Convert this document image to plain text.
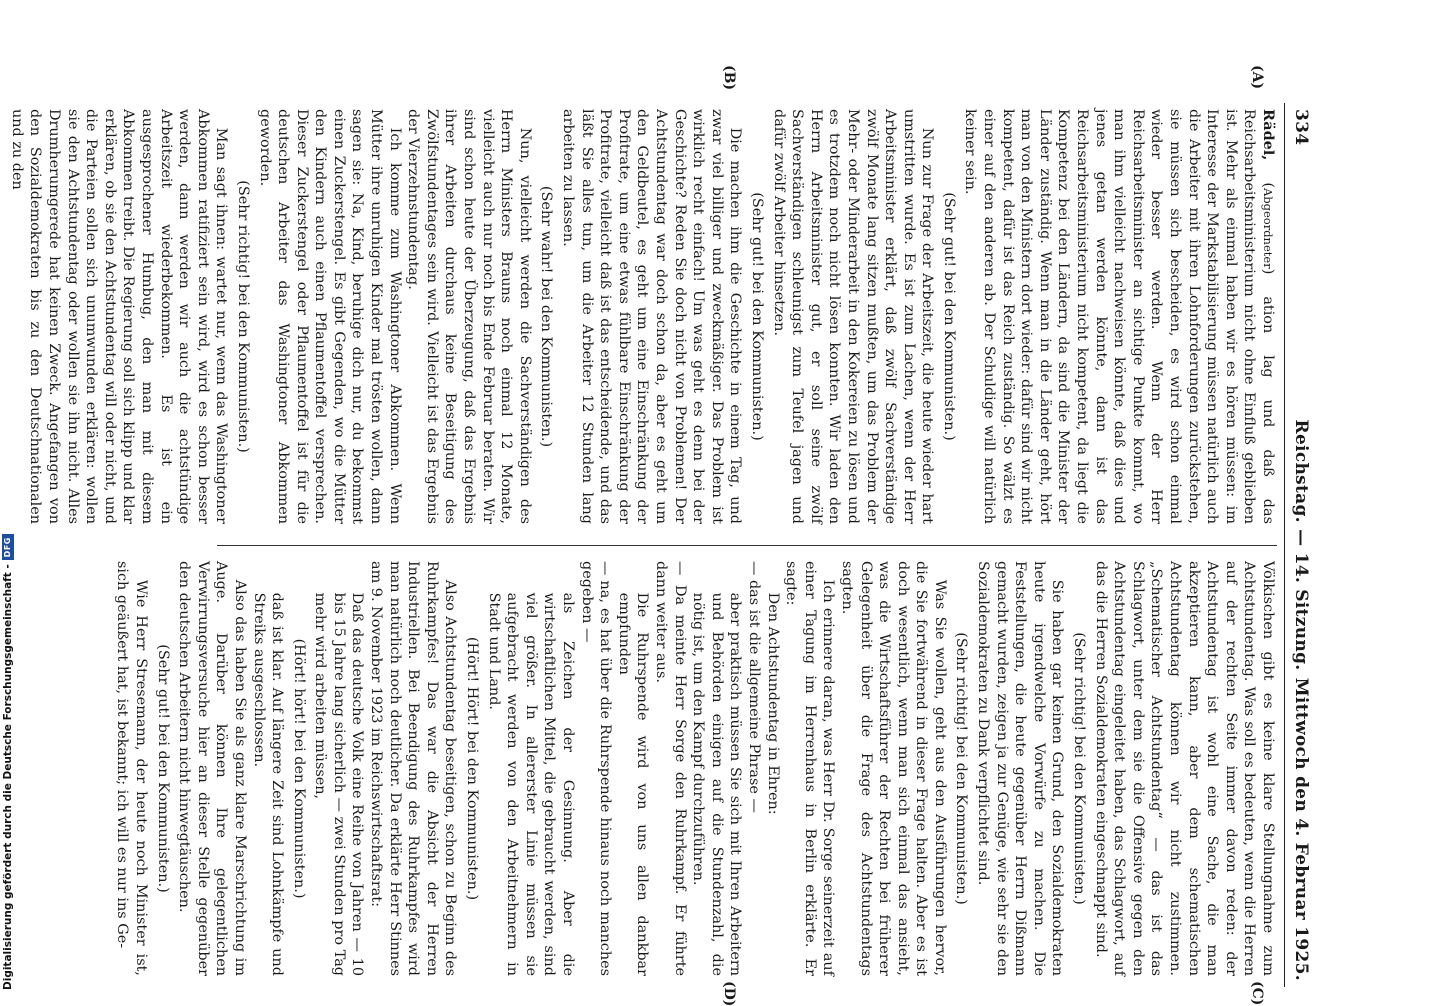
334
Reichstag. — 14. Sitzung.
Mittwoch den 4. Februar 1925.
(A)
(B)
(C)
(D)

Rädel, (Abgeordneter) ation lag und daß das Reichsarbeitsministerium nicht ohne Einfluß geblieben ist. Mehr als einmal haben wir es hören müssen: im Interesse der Markstabilisierung müssen natürlich auch die Arbeiter mit ihren Lohnforderungen zurückstehen, sie müssen sich bescheiden, es wird schon einmal wieder besser werden. Wenn der Herr Reichsarbeitsminister an sichtige Punkte kommt, wo man ihm vielleicht nachweisen könnte, daß dies und jenes getan werden könnte, dann ist das Reichsarbeitsministerium nicht kompetent, da liegt die Kompetenz bei den Ländern, da sind die Minister der Länder zuständig. Wenn man in die Länder geht, hört man von den Ministern dort wieder: dafür sind wir nicht kompetent, dafür ist das Reich zuständig. So wälzt es einer auf den anderen ab. Der Schuldige will natürlich keiner sein.

(Sehr gut! bei den Kommunisten.)

Nun zur Frage der Arbeitszeit, die heute wieder hart umstritten wurde. Es ist zum Lachen, wenn der Herr Arbeitsminister erklärt, daß zwölf Sachverständige zwölf Monate lang sitzen mußten, um das Problem der Mehr- oder Minderarbeit in den Kokereien zu lösen und es trotzdem noch nicht lösen konnten. Wir laden den Herrn Arbeitsminister gut, er soll seine zwölf Sachverständigen schleunigst zum Teufel jagen und dafür zwölf Arbeiter hinsetzen.

(Sehr gut! bei den Kommunisten.)

Die machen ihm die Geschichte in einem Tag, und zwar viel billiger und zweckmäßiger. Das Problem ist wirklich recht einfach! Um was geht es denn bei der Geschichte? Reden Sie doch nicht von Problemen! Der Achtstundentag war doch schon da, aber es geht um den Geldbeutel, es geht um eine Einschränkung der Profitrate, um eine etwas fühlbare Einschränkung der Profitrate, vielleicht daß ist das entscheidende, und das läßt Sie alles tun, um die Arbeiter 12 Stunden lang arbeiten zu lassen.

(Sehr wahr! bei den Kommunisten.)

Nun, vielleicht werden die Sachverständigen des Herrn Ministers Brauns noch einmal 12 Monate, vielleicht auch nur noch bis Ende Februar beraten. Wir sind schon heute der Überzeugung, daß das Ergebnis ihrer Arbeiten durchaus keine Beseitigung des Zwölfstundentages sein wird. Vielleicht ist das Ergebnis der Vierzehnstundentag.

Ich komme zum Washingtoner Abkommen. Wenn Mütter ihre unruhigen Kinder mal trösten wollen, dann sagen sie: Na, Kind, beruhige dich nur, du bekommst einen Zuckerstengel. Es gibt Gegenden, wo die Mütter den Kindern auch einen Pflaumentoffel versprechen. Dieser Zuckerstengel oder Pflaumentoffel ist für die deutschen Arbeiter das Washingtoner Abkommen geworden.

(Sehr richtig! bei den Kommunisten.)

Man sagt ihnen: wartet nur, wenn das Washingtoner Abkommen ratifiziert sein wird, wird es schon besser werden, dann werden wir auch die achtstündige Arbeitszeit wiederbekommen. Es ist ein ausgesprochener Humbug, den man mit diesem Abkommen treibt. Die Regierung soll sich klipp und klar erklären, ob sie den Achtstundentag will oder nicht, und die Parteien sollen sich unumwunden erklären: wollen sie den Achtstundentag oder wollen sie ihn nicht. Alles Drumherumgerede hat keinen Zweck. Angefangen von den Sozialdemokraten bis zu den Deutschnationalen und zu den

Völkischen gibt es keine klare Stellungnahme zum Achtstundentag. Was soll es bedeuten, wenn die Herren auf der rechten Seite immer davon reden: der Achtstundentag ist wohl eine Sache, die man akzeptieren kann, aber dem schematischen Achtstundentag können wir nicht zustimmen. „Schematischer Achtstundentag“ — das ist das Schlagwort, unter dem sie die Offensive gegen den Achtstundentag eingeleitet haben, das Schlagwort, auf das die Herren Sozialdemokraten eingeschnappt sind.

(Sehr richtig! bei den Kommunisten.)

Sie haben gar keinen Grund, den Sozialdemokraten heute irgendwelche Vorwürfe zu machen. Die Feststellungen, die heute gegenüber Herrn Dißmann gemacht wurden, zeigen ja zur Genüge, wie sehr sie den Sozialdemokraten zu Dank verpflichtet sind.

(Sehr richtig! bei den Kommunisten.)

Was Sie wollen, geht aus den Ausführungen hervor, die Sie fortwährend in dieser Frage halten. Aber es ist doch wesentlich, wenn man sich einmal das ansieht, was die Wirtschaftsführer der Rechten bei früherer Gelegenheit über die Frage des Achtstundentags sagten.

Ich erinnere daran, was Herr Dr. Sorge seinerzeit auf einer Tagung im Herrenhaus in Berlin erklärte. Er sagte:

Den Achtstundentag in Ehren:

— das ist die allgemeine Phrase —

aber praktisch müssen Sie sich mit Ihren Arbeitern und Behörden einigen auf die Stundenzahl, die nötig ist, um den Kampf durchzuführen.

— Da meinte Herr Sorge den Ruhrkampf. Er führte dann weiter aus.

Die Ruhrspende wird von uns allen dankbar empfunden

— na, es hat über die Ruhrspende hinaus noch manches gegeben —

als Zeichen der Gesinnung. Aber die wirtschaftlichen Mittel, die gebraucht werden, sind viel größer. In allererster Linie müssen sie aufgebracht werden von den Arbeitnehmern in Stadt und Land.

(Hört! Hört! bei den Kommunisten.)

Also Achtstundentag beseitigen, schon zu Beginn des Ruhrkampfes! Das war die Absicht der Herren Industriellen. Bei Beendigung des Ruhrkampfes wird man natürlich noch deutlicher. Da erklärte Herr Stinnes am 9. November 1923 im Reichswirtschaftsrat:

Daß das deutsche Volk eine Reihe von Jahren — 10 bis 15 Jahre lang sicherlich — zwei Stunden pro Tag mehr wird arbeiten müssen,

(Hört! hört! bei den Kommunisten.)

daß ist klar. Auf längere Zeit sind Lohnkämpfe und Streiks ausgeschlossen.

Also das haben Sie als ganz klare Marschrichtung im Auge. Darüber können Ihre gelegentlichen Verwirrungsversuche hier an dieser Stelle gegenüber den deutschen Arbeitern nicht hinwegtäuschen.

(Sehr gut! bei den Kommunisten.)

Wie Herr Stresemann, der heute noch Minister ist, sich geäußert hat, ist bekannt; ich will es nur ins Ge-

Digitalisierung gefördert durch die Deutsche Forschungsgemeinschaft -
DFG
